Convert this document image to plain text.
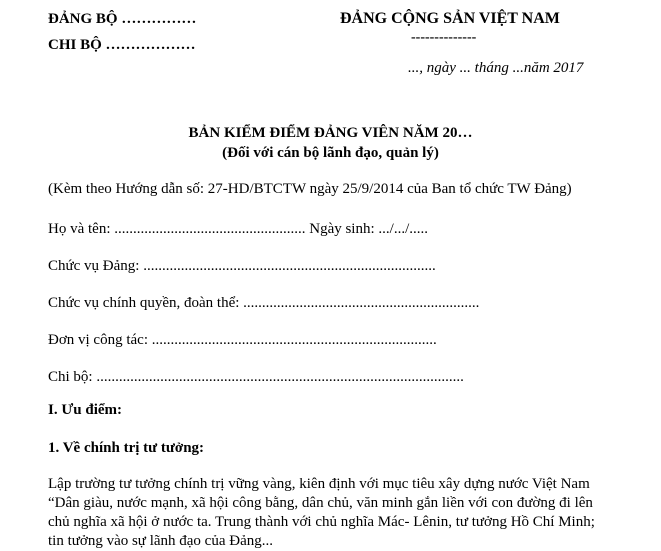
ĐẢNG BỘ ……………
CHI BỘ ………………
ĐẢNG CỘNG SẢN VIỆT NAM
--------------
..., ngày ... tháng ...năm 2017
BẢN KIỂM ĐIỂM ĐẢNG VIÊN NĂM 20…
(Đối với cán bộ lãnh đạo, quản lý)
(Kèm theo Hướng dẫn số: 27-HD/BTCTW ngày 25/9/2014 của Ban tổ chức TW Đảng)
Họ và tên: ................................................... Ngày sinh: .../.../.....
Chức vụ Đảng: ..............................................................................
Chức vụ chính quyền, đoàn thể: ...............................................................
Đơn vị công tác: ............................................................................
Chi bộ: ..................................................................................................
I. Ưu điểm:
1. Về chính trị tư tưởng:
Lập trường tư tưởng chính trị vững vàng, kiên định với mục tiêu xây dựng nước Việt Nam
“Dân giàu, nước mạnh, xã hội công bằng, dân chủ, văn minh gắn liền với con đường đi lên
chủ nghĩa xã hội ở nước ta. Trung thành với chủ nghĩa Mác- Lênin, tư tưởng Hồ Chí Minh;
tin tưởng vào sự lãnh đạo của Đảng...
